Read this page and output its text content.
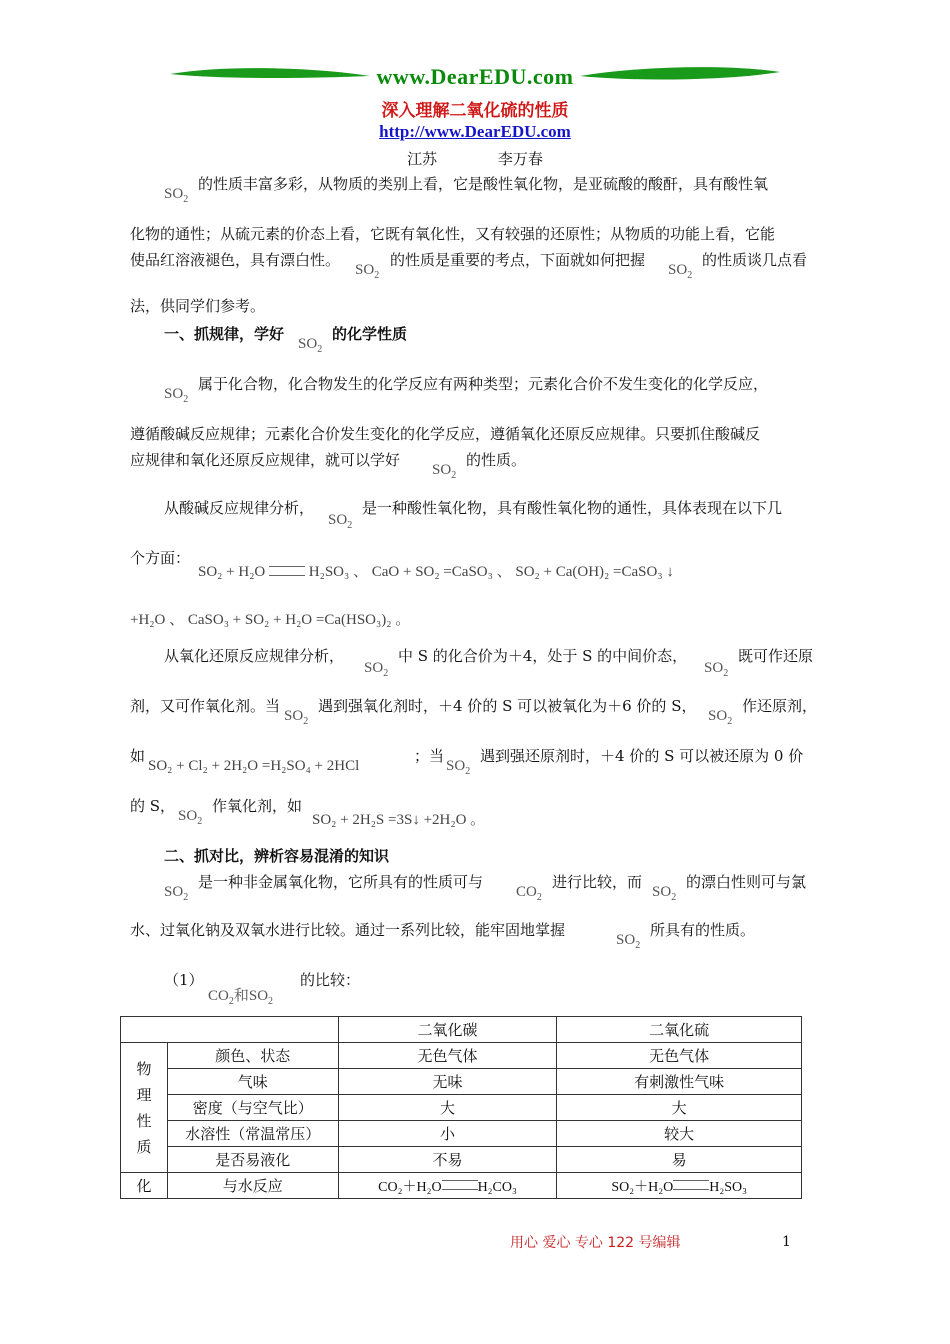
www.DearEDU.com
深入理解二氧化硫的性质
http://www.DearEDU.com
江苏	李万春
$SO_2$
的性质丰富多彩，从物质的类别上看，它是酸性氧化物，是亚硫酸的酸酐，具有酸性氧
化物的通性；从硫元素的价态上看，它既有氧化性，又有较强的还原性；从物质的功能上看，它能
使品红溶液褪色，具有漂白性。
$SO_2$
的性质是重要的考点，下面就如何把握
$SO_2$
的性质谈几点看
法，供同学们参考。
一、抓规律，学好
$SO_2$
的化学性质
$SO_2$
属于化合物，化合物发生的化学反应有两种类型；元素化合价不发生变化的化学反应，
遵循酸碱反应规律；元素化合价发生变化的化学反应，遵循氧化还原反应规律。只要抓住酸碱反
应规律和氧化还原反应规律，就可以学好
$SO_2$
的性质。
从酸碱反应规律分析，
$SO_2$
是一种酸性氧化物，具有酸性氧化物的通性，具体表现在以下几
个方面：
SO₂ + H₂O	H₂SO₃ 、 CaO + SO₂ =CaSO₃ 、 SO₂ + Ca(OH)₂ =CaSO₃ ↓
+H₂O 、 CaSO₃ + SO₂ + H₂O =Ca(HSO₃)₂ 。
从氧化还原反应规律分析，
$SO_2$
中 S 的化合价为＋4，处于 S 的中间价态，
$SO_2$
既可作还原
剂，又可作氧化剂。当
$SO_2$
遇到强氧化剂时，＋4 价的 S 可以被氧化为＋6 价的 S，
$SO_2$
作还原剂，
如
SO₂ + Cl₂ + 2H₂O =H₂SO₄ + 2HCl
；当
$SO_2$
遇到强还原剂时，＋4 价的 S 可以被还原为 0 价
的 S，
$SO_2$
作氧化剂，如
SO₂ + 2H₂S =3S↓ +2H₂O 。
二、抓对比，辨析容易混淆的知识
$SO_2$
是一种非金属氧化物，它所具有的性质可与
$CO_2$
进行比较，而
$SO_2$
的漂白性则可与氯
水、过氧化钠及双氧水进行比较。通过一系列比较，能牢固地掌握
$SO_2$
所具有的性质。
（1）
$CO_2$和$SO_2$
的比较：
		二氧化碳	二氧化硫

物
理
性
质	颜色、状态	无色气体	无色气体
	气味	无味	有刺激性气味
	密度（与空气比）	大	大
	水溶性（常温常压）	小	较大
	是否易液化	不易	易
化	与水反应	CO₂＋H₂O H₂CO₃	SO₂＋H₂O H₂SO₃
用心 爱心 专心 122 号编辑	1
